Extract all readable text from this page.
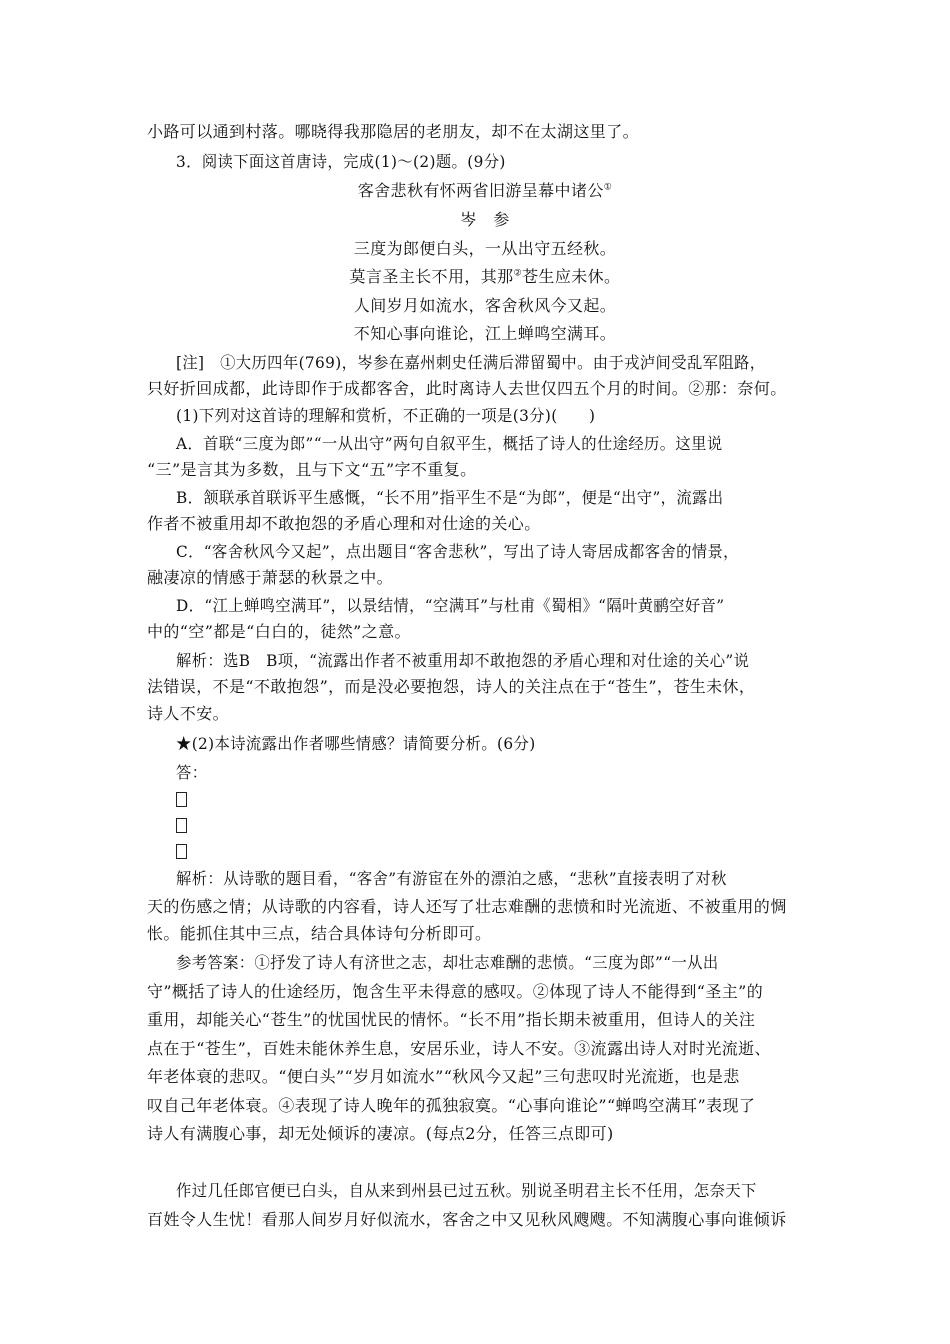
小路可以通到村落。哪晓得我那隐居的老朋友，却不在太湖这里了。
3．阅读下面这首唐诗，完成(1)～(2)题。(9分)
客舍悲秋有怀两省旧游呈幕中诸公①
岑　参
三度为郎便白头，一从出守五经秋。
莫言圣主长不用，其那②苍生应未休。
人间岁月如流水，客舍秋风今又起。
不知心事向谁论，江上蝉鸣空满耳。
[注]　①大历四年(769)，岑参在嘉州刺史任满后滞留蜀中。由于戎泸间受乱军阻路，
只好折回成都，此诗即作于成都客舍，此时离诗人去世仅四五个月的时间。②那：奈何。
(1)下列对这首诗的理解和赏析，不正确的一项是(3分)(　　)
A．首联“三度为郎”“一从出守”两句自叙平生，概括了诗人的仕途经历。这里说
“三”是言其为多数，且与下文“五”字不重复。
B．颔联承首联诉平生感慨，“长不用”指平生不是“为郎”，便是“出守”，流露出
作者不被重用却不敢抱怨的矛盾心理和对仕途的关心。
C．“客舍秋风今又起”，点出题目“客舍悲秋”，写出了诗人寄居成都客舍的情景，
融凄凉的情感于萧瑟的秋景之中。
D．“江上蝉鸣空满耳”，以景结情，“空满耳”与杜甫《蜀相》“隔叶黄鹂空好音”
中的“空”都是“白白的，徒然”之意。
解析：选B　B项，“流露出作者不被重用却不敢抱怨的矛盾心理和对仕途的关心”说
法错误，不是“不敢抱怨”，而是没必要抱怨，诗人的关注点在于“苍生”，苍生未休，
诗人不安。
★(2)本诗流露出作者哪些情感？请简要分析。(6分)
答：
解析：从诗歌的题目看，“客舍”有游宦在外的漂泊之感，“悲秋”直接表明了对秋
天的伤感之情；从诗歌的内容看，诗人还写了壮志难酬的悲愤和时光流逝、不被重用的惆
怅。能抓住其中三点，结合具体诗句分析即可。
参考答案：①抒发了诗人有济世之志，却壮志难酬的悲愤。“三度为郎”“一从出
守”概括了诗人的仕途经历，饱含生平未得意的感叹。②体现了诗人不能得到“圣主”的
重用，却能关心“苍生”的忧国忧民的情怀。“长不用”指长期未被重用，但诗人的关注
点在于“苍生”，百姓未能休养生息，安居乐业，诗人不安。③流露出诗人对时光流逝、
年老体衰的悲叹。“便白头”“岁月如流水”“秋风今又起”三句悲叹时光流逝，也是悲
叹自己年老体衰。④表现了诗人晚年的孤独寂寞。“心事向谁论”“蝉鸣空满耳”表现了
诗人有满腹心事，却无处倾诉的凄凉。(每点2分，任答三点即可)
作过几任郎官便已白头，自从来到州县已过五秋。别说圣明君主长不任用，怎奈天下
百姓令人生忧！看那人间岁月好似流水，客舍之中又见秋风飕飕。不知满腹心事向谁倾诉
